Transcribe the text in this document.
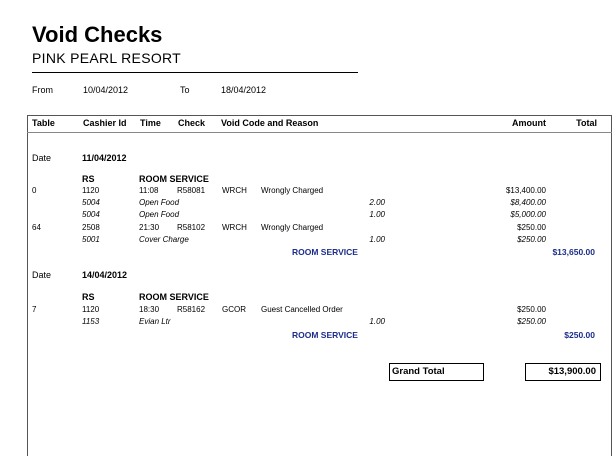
Void Checks
PINK PEARL RESORT
From	10/04/2012	To	18/04/2012
Table	Cashier Id Time Check Void Code and Reason	Amount	Total
Date	11/04/2012
RS	ROOM SERVICE
0	1120	11:08 R58081 WRCH Wrongly Charged	$13,400.00
5004	Open Food	2.00	$8,400.00
5004	Open Food	1.00	$5,000.00
64	2508	21:30 R58102 WRCH Wrongly Charged	$250.00
5001	Cover Charge	1.00	$250.00
ROOM SERVICE	$13,650.00
Date	14/04/2012
RS	ROOM SERVICE
7	1120	18:30 R58162 GCOR Guest Cancelled Order	$250.00
1153	Evian Ltr	1.00	$250.00
ROOM SERVICE	$250.00
Grand Total	$13,900.00
